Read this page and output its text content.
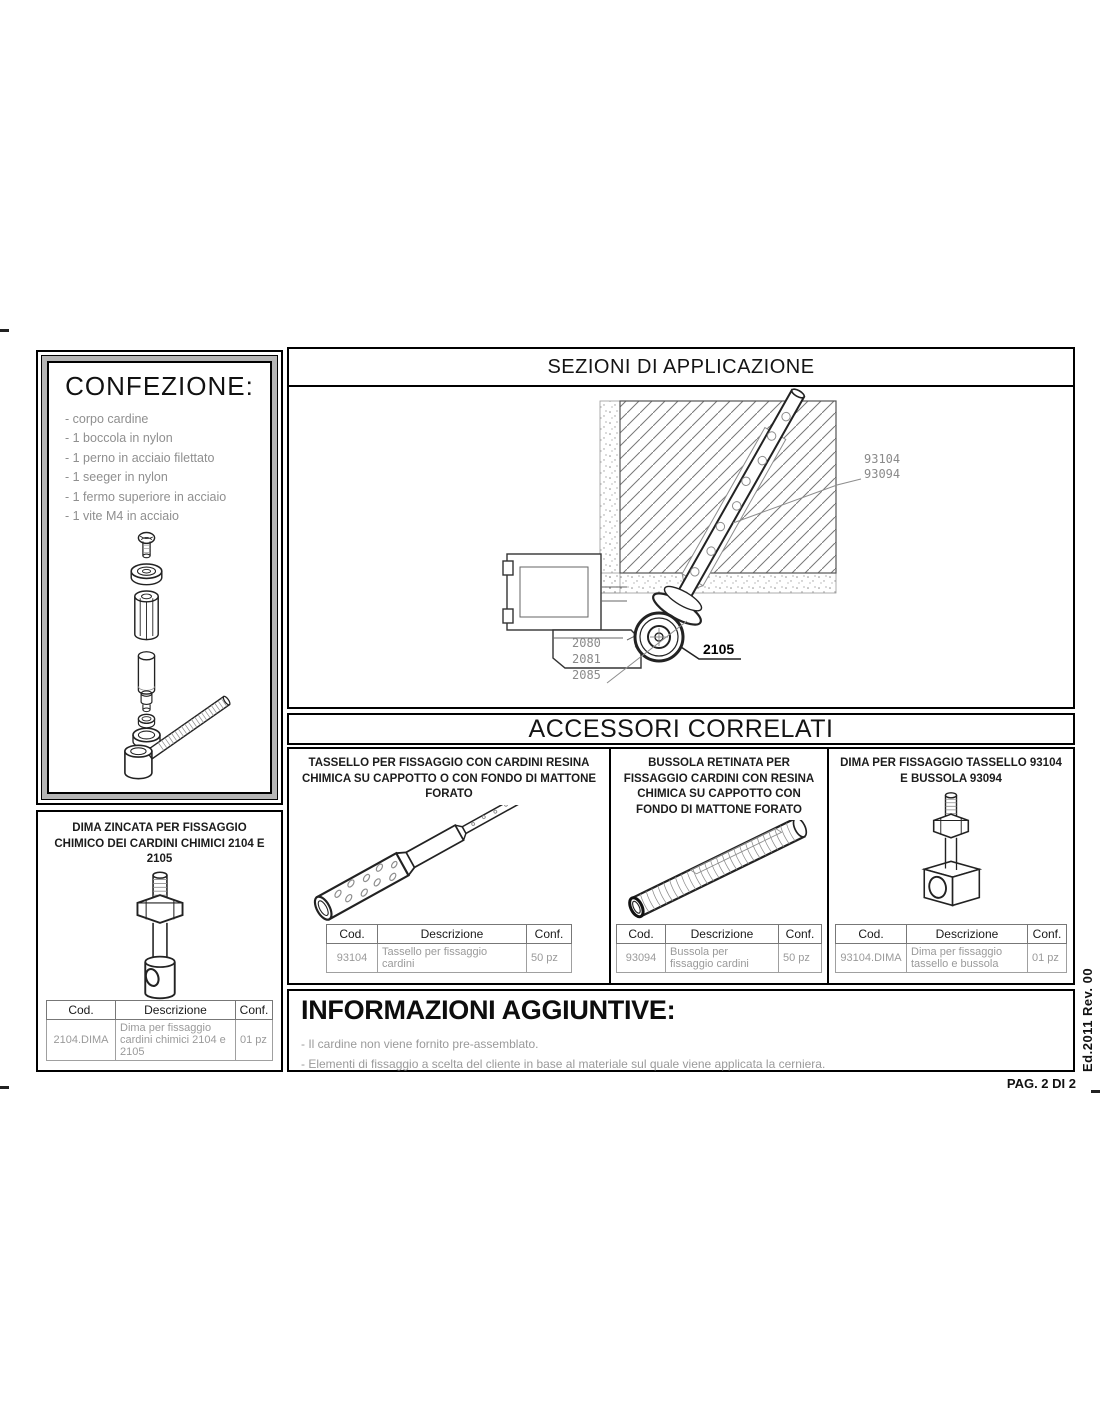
CONFEZIONE:
- corpo cardine
- 1 boccola in nylon
- 1 perno in acciaio filettato
- 1 seeger in nylon
- 1 fermo superiore in acciaio
- 1 vite M4 in acciaio
SEZIONI DI APPLICAZIONE
93104
93094
2080
2081
2085
2105
ACCESSORI CORRELATI
TASSELLO PER FISSAGGIO CON CARDINI RESINA CHIMICA SU CAPPOTTO O CON FONDO DI MATTONE FORATO
Cod.	Descrizione	Conf.
93104	Tassello per fissaggio cardini	50 pz
BUSSOLA RETINATA PER FISSAGGIO CARDINI CON RESINA CHIMICA SU CAPPOTTO CON FONDO DI MATTONE FORATO
Cod.	Descrizione	Conf.
93094	Bussola per fissaggio cardini	50 pz
DIMA PER FISSAGGIO TASSELLO 93104 E BUSSOLA 93094
Cod.	Descrizione	Conf.
93104.DIMA	Dima per fissaggio tassello e bussola	01 pz
DIMA ZINCATA PER FISSAGGIO CHIMICO DEI CARDINI CHIMICI 2104 E 2105
Cod.	Descrizione	Conf.
2104.DIMA	Dima per fissaggio cardini chimici 2104 e 2105	01 pz
INFORMAZIONI AGGIUNTIVE:
- Il cardine non viene fornito pre-assemblato.
- Elementi di fissaggio a scelta del cliente in base al materiale sul quale viene applicata la cerniera.	Ed.2011 Rev. 00
PAG. 2 DI 2
